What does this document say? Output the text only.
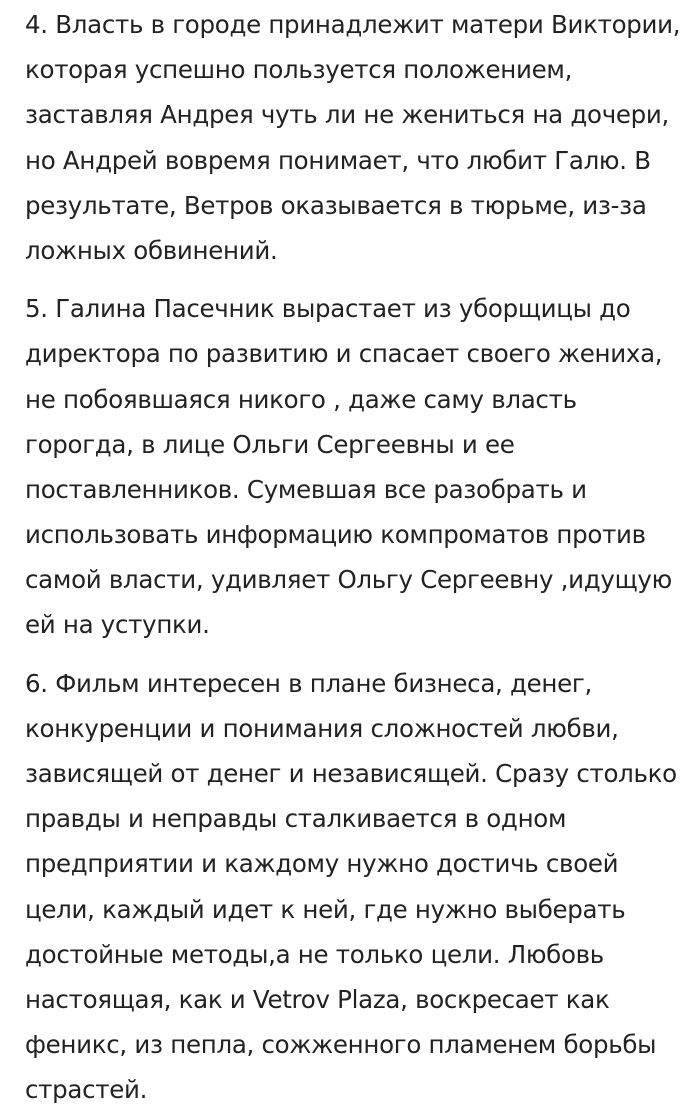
4. Власть в городе принадлежит матери Виктории,
которая успешно пользуется положением,
заставляя Андрея чуть ли не жениться на дочери,
но Андрей вовремя понимает, что любит Галю. В
результате, Ветров оказывается в тюрьме, из-за
ложных обвинений.

5. Галина Пасечник вырастает из уборщицы до
директора по развитию и спасает своего жениха,
не побоявшаяся никого , даже саму власть
горогда, в лице Ольги Сергеевны и ее
поставленников. Сумевшая все разобрать и
использовать информацию компроматов против
самой власти, удивляет Ольгу Сергеевну ,идущую
ей на уступки.

6. Фильм интересен в плане бизнеса, денег,
конкуренции и понимания сложностей любви,
зависящей от денег и независящей. Сразу столько
правды и неправды сталкивается в одном
предприятии и каждому нужно достичь своей
цели, каждый идет к ней, где нужно выберать
достойные методы,а не только цели. Любовь
настоящая, как и Vetrov Plaza, воскресает как
феникс, из пепла, сожженного пламенем борьбы
страстей.
